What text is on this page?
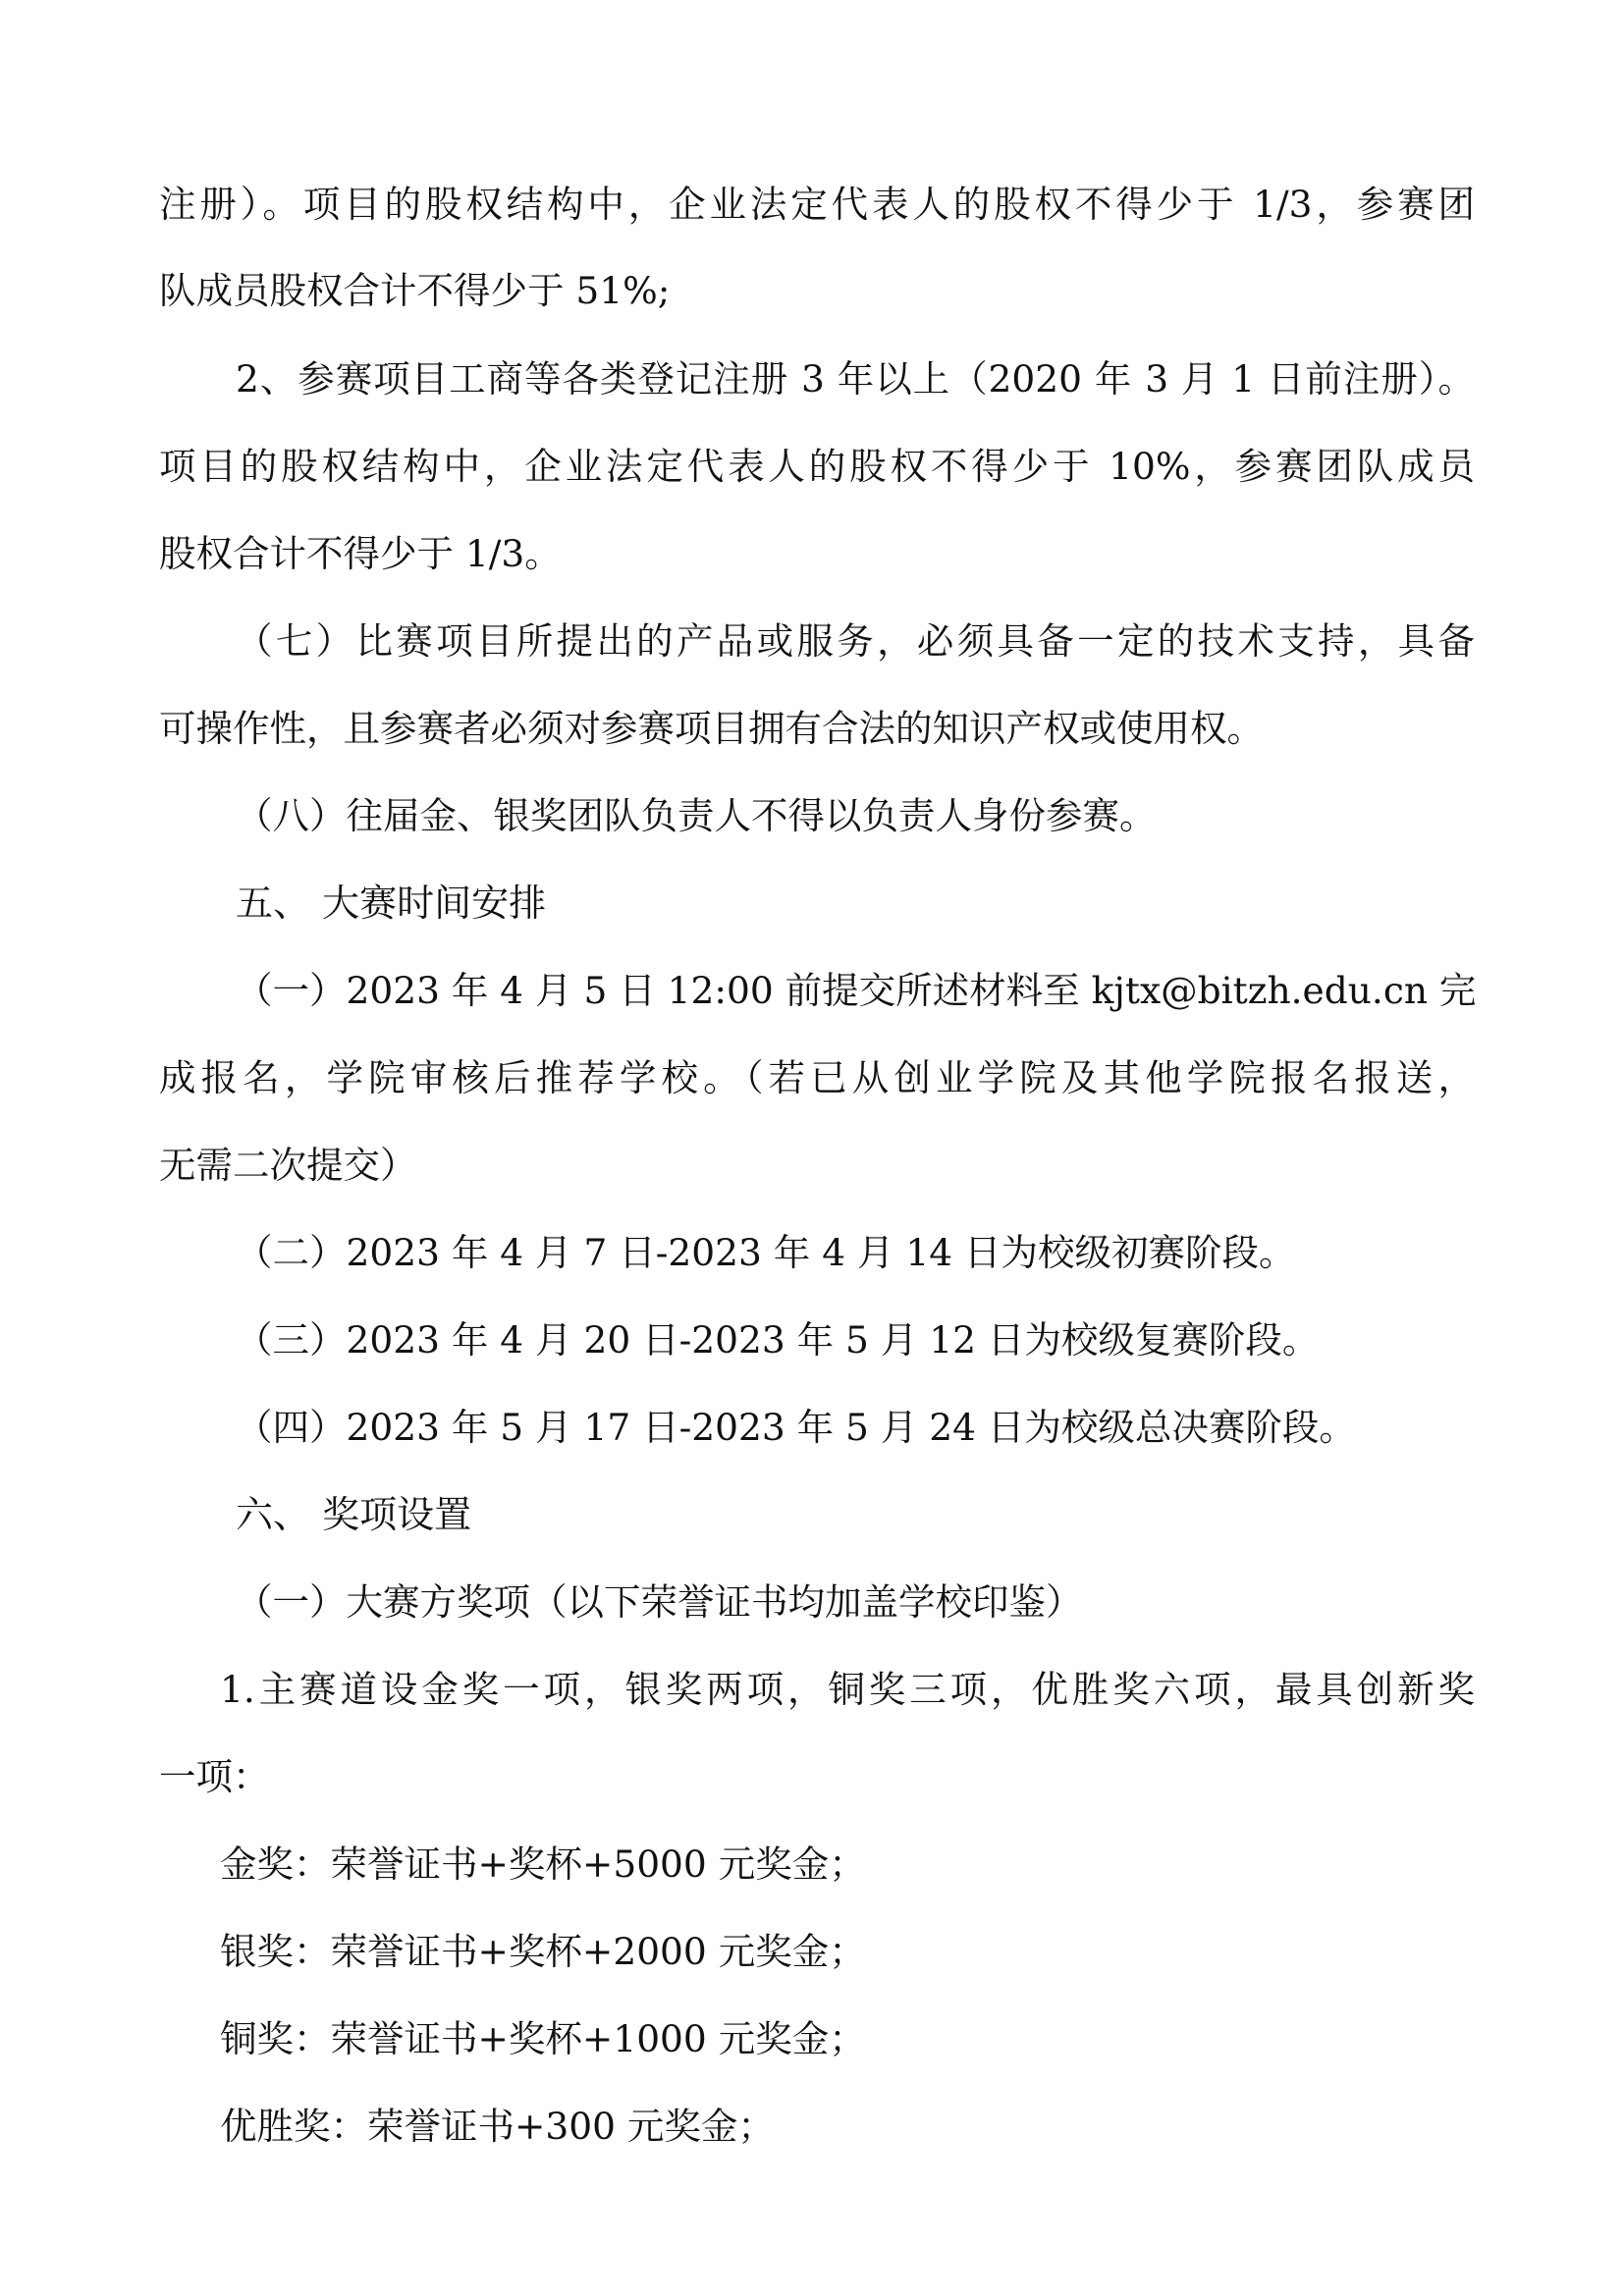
注册）。项目的股权结构中，企业法定代表人的股权不得少于 1/3，参赛团
队成员股权合计不得少于 51%;
2、参赛项目工商等各类登记注册 3 年以上（2020 年 3 月 1 日前注册）。
项目的股权结构中，企业法定代表人的股权不得少于 10%，参赛团队成员
股权合计不得少于 1/3。
（七）比赛项目所提出的产品或服务，必须具备一定的技术支持，具备
可操作性，且参赛者必须对参赛项目拥有合法的知识产权或使用权。
（八）往届金、银奖团队负责人不得以负责人身份参赛。
五、 大赛时间安排
（一）2023 年 4 月 5 日 12:00 前提交所述材料至 kjtx@bitzh.edu.cn 完
成报名，学院审核后推荐学校。（若已从创业学院及其他学院报名报送，
无需二次提交）
（二）2023 年 4 月 7 日-2023 年 4 月 14 日为校级初赛阶段。
（三）2023 年 4 月 20 日-2023 年 5 月 12 日为校级复赛阶段。
（四）2023 年 5 月 17 日-2023 年 5 月 24 日为校级总决赛阶段。
六、 奖项设置
（一）大赛方奖项（以下荣誉证书均加盖学校印鉴）
1.主赛道设金奖一项，银奖两项，铜奖三项，优胜奖六项，最具创新奖
一项：
金奖：荣誉证书+奖杯+5000 元奖金；
银奖：荣誉证书+奖杯+2000 元奖金；
铜奖：荣誉证书+奖杯+1000 元奖金；
优胜奖：荣誉证书+300 元奖金；
